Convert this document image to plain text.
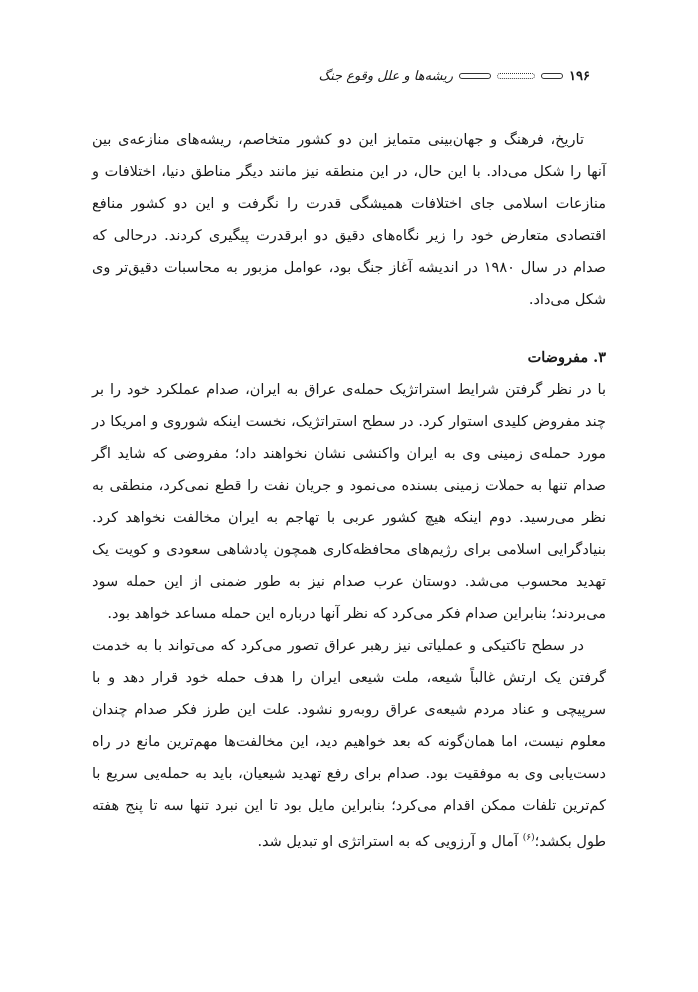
۱۹۶
ریشه‌ها و علل وقوع جنگ

تاریخ، فرهنگ و جهان‌بینی متمایز این دو کشور متخاصم، ریشه‌های منازعه‌ی بین آنها را شکل می‌داد. با این حال، در این منطقه نیز مانند دیگر مناطق دنیا، اختلافات و منازعات اسلامی جای اختلافات همیشگی قدرت را نگرفت و این دو کشور منافع اقتصادی متعارض خود را زیر نگاه‌های دقیق دو ابرقدرت پیگیری کردند. درحالی که صدام در سال ۱۹۸۰ در اندیشه آغاز جنگ بود، عوامل مزبور به محاسبات دقیق‌تر وی شکل می‌داد.

۳. مفروضات

با در نظر گرفتن شرایط استراتژیک حمله‌ی عراق به ایران، صدام عملکرد خود را بر چند مفروض کلیدی استوار کرد. در سطح استراتژیک، نخست اینکه شوروی و امریکا در مورد حمله‌ی زمینی وی به ایران واکنشی نشان نخواهند داد؛ مفروضی که شاید اگر صدام تنها به حملات زمینی بسنده می‌نمود و جریان نفت را قطع نمی‌کرد، منطقی به نظر می‌رسید. دوم اینکه هیچ کشور عربی با تهاجم به ایران مخالفت نخواهد کرد. بنیادگرایی اسلامی برای رژیم‌های محافظه‌کاری همچون پادشاهی سعودی و کویت یک تهدید محسوب می‌شد. دوستان عرب صدام نیز به طور ضمنی از این حمله سود می‌بردند؛ بنابراین صدام فکر می‌کرد که نظر آنها درباره این حمله مساعد خواهد بود.

در سطح تاکتیکی و عملیاتی نیز رهبر عراق تصور می‌کرد که می‌تواند با به خدمت گرفتن یک ارتش غالباً شیعه، ملت شیعی ایران را هدف حمله خود قرار دهد و با سرپیچی و عناد مردم شیعه‌ی عراق روبه‌رو نشود. علت این طرز فکر صدام چندان معلوم نیست، اما همان‌گونه که بعد خواهیم دید، این مخالفت‌ها مهم‌ترین مانع در راه دست‌یابی وی به موفقیت بود. صدام برای رفع تهدید شیعیان، باید به حمله‌یی سریع با کم‌ترین تلفات ممکن اقدام می‌کرد؛ بنابراین مایل بود تا این نبرد تنها سه تا پنج هفته طول بکشد؛$^{(۶)}$ آمال و آرزویی که به استراتژی او تبدیل شد.
